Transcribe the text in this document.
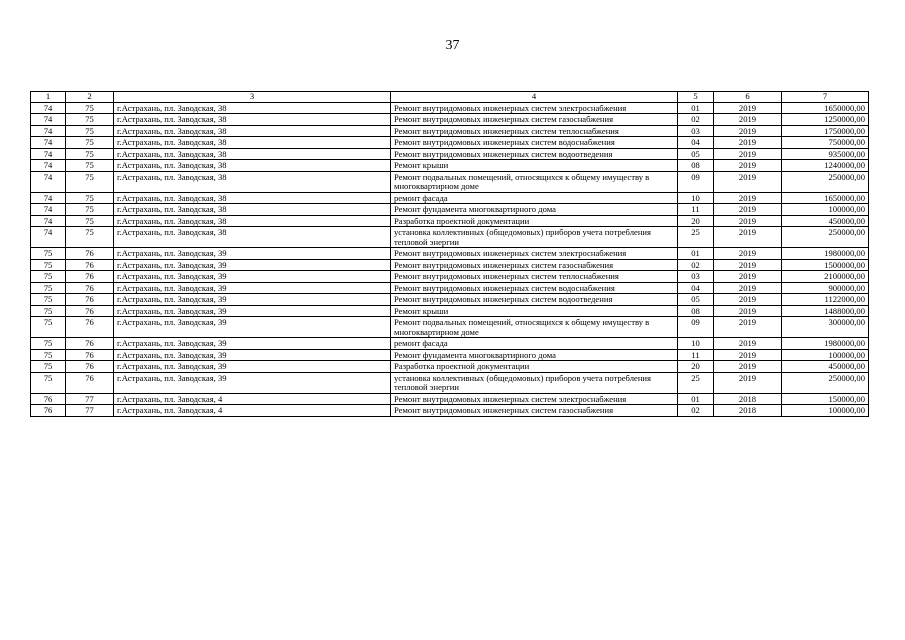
37
1	2	3	4	5	6	7
74	75	г.Астрахань, пл. Заводская, 38	Ремонт внутридомовых инженерных систем электроснабжения	01	2019	1650000,00
74	75	г.Астрахань, пл. Заводская, 38	Ремонт внутридомовых инженерных систем газоснабжения	02	2019	1250000,00
74	75	г.Астрахань, пл. Заводская, 38	Ремонт внутридомовых инженерных систем теплоснабжения	03	2019	1750000,00
74	75	г.Астрахань, пл. Заводская, 38	Ремонт внутридомовых инженерных систем водоснабжения	04	2019	750000,00
74	75	г.Астрахань, пл. Заводская, 38	Ремонт внутридомовых инженерных систем водоотведения	05	2019	935000,00
74	75	г.Астрахань, пл. Заводская, 38	Ремонт крыши	08	2019	1240000,00
74	75	г.Астрахань, пл. Заводская, 38	Ремонт подвальных помещений, относящихся к общему имуществу в многоквартирном доме	09	2019	250000,00
74	75	г.Астрахань, пл. Заводская, 38	ремонт фасада	10	2019	1650000,00
74	75	г.Астрахань, пл. Заводская, 38	Ремонт фундамента многоквартирного дома	11	2019	100000,00
74	75	г.Астрахань, пл. Заводская, 38	Разработка проектной документации	20	2019	450000,00
74	75	г.Астрахань, пл. Заводская, 38	установка коллективных (общедомовых) приборов учета потребления тепловой энергии	25	2019	250000,00
75	76	г.Астрахань, пл. Заводская, 39	Ремонт внутридомовых инженерных систем электроснабжения	01	2019	1980000,00
75	76	г.Астрахань, пл. Заводская, 39	Ремонт внутридомовых инженерных систем газоснабжения	02	2019	1500000,00
75	76	г.Астрахань, пл. Заводская, 39	Ремонт внутридомовых инженерных систем теплоснабжения	03	2019	2100000,00
75	76	г.Астрахань, пл. Заводская, 39	Ремонт внутридомовых инженерных систем водоснабжения	04	2019	900000,00
75	76	г.Астрахань, пл. Заводская, 39	Ремонт внутридомовых инженерных систем водоотведения	05	2019	1122000,00
75	76	г.Астрахань, пл. Заводская, 39	Ремонт крыши	08	2019	1488000,00
75	76	г.Астрахань, пл. Заводская, 39	Ремонт подвальных помещений, относящихся к общему имуществу в многоквартирном доме	09	2019	300000,00
75	76	г.Астрахань, пл. Заводская, 39	ремонт фасада	10	2019	1980000,00
75	76	г.Астрахань, пл. Заводская, 39	Ремонт фундамента многоквартирного дома	11	2019	100000,00
75	76	г.Астрахань, пл. Заводская, 39	Разработка проектной документации	20	2019	450000,00
75	76	г.Астрахань, пл. Заводская, 39	установка коллективных (общедомовых) приборов учета потребления тепловой энергии	25	2019	250000,00
76	77	г.Астрахань, пл. Заводская, 4	Ремонт внутридомовых инженерных систем электроснабжения	01	2018	150000,00
76	77	г.Астрахань, пл. Заводская, 4	Ремонт внутридомовых инженерных систем газоснабжения	02	2018	100000,00
